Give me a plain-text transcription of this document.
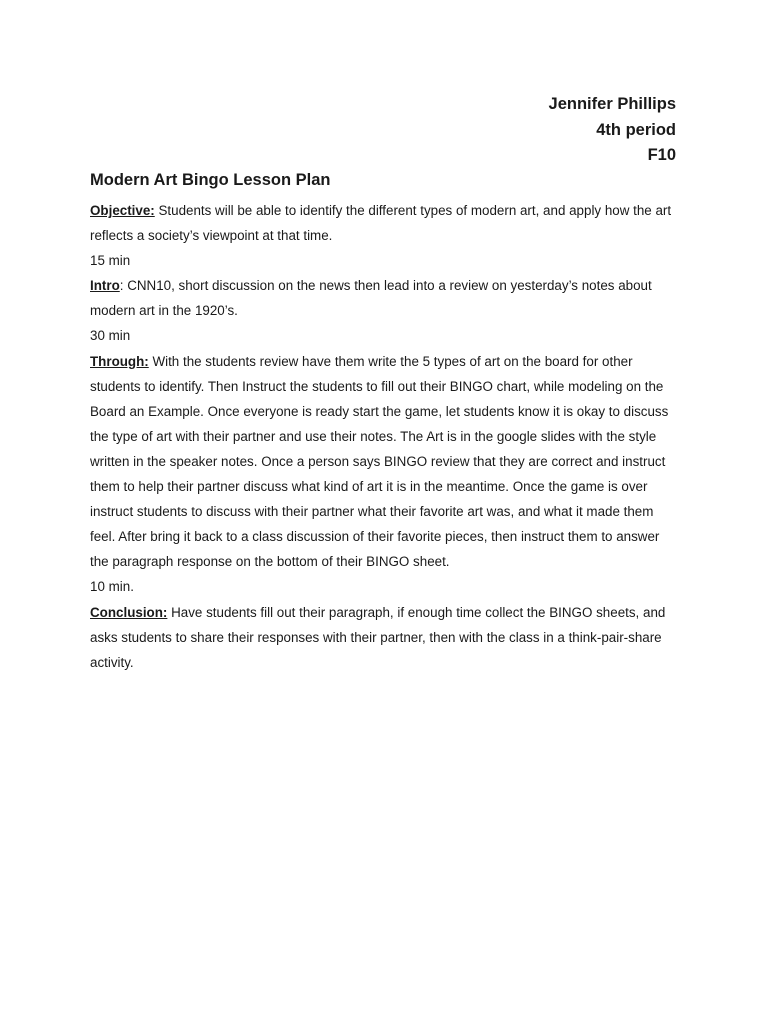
Jennifer Phillips
4th period
F10
Modern Art Bingo Lesson Plan

Objective: Students will be able to identify the different types of modern art, and apply how the art reflects a society’s viewpoint at that time.

15 min

Intro: CNN10, short discussion on the news then lead into a review on yesterday’s notes about modern art in the 1920’s.

30 min

Through: With the students review have them write the 5 types of art on the board for other students to identify. Then Instruct the students to fill out their BINGO chart, while modeling on the Board an Example. Once everyone is ready start the game, let students know it is okay to discuss the type of art with their partner and use their notes. The Art is in the google slides with the style written in the speaker notes. Once a person says BINGO review that they are correct and instruct them to help their partner discuss what kind of art it is in the meantime. Once the game is over instruct students to discuss with their partner what their favorite art was, and what it made them feel. After bring it back to a class discussion of their favorite pieces, then instruct them to answer the paragraph response on the bottom of their BINGO sheet.

10 min.

Conclusion: Have students fill out their paragraph, if enough time collect the BINGO sheets, and asks students to share their responses with their partner, then with the class in a think-pair-share activity.
